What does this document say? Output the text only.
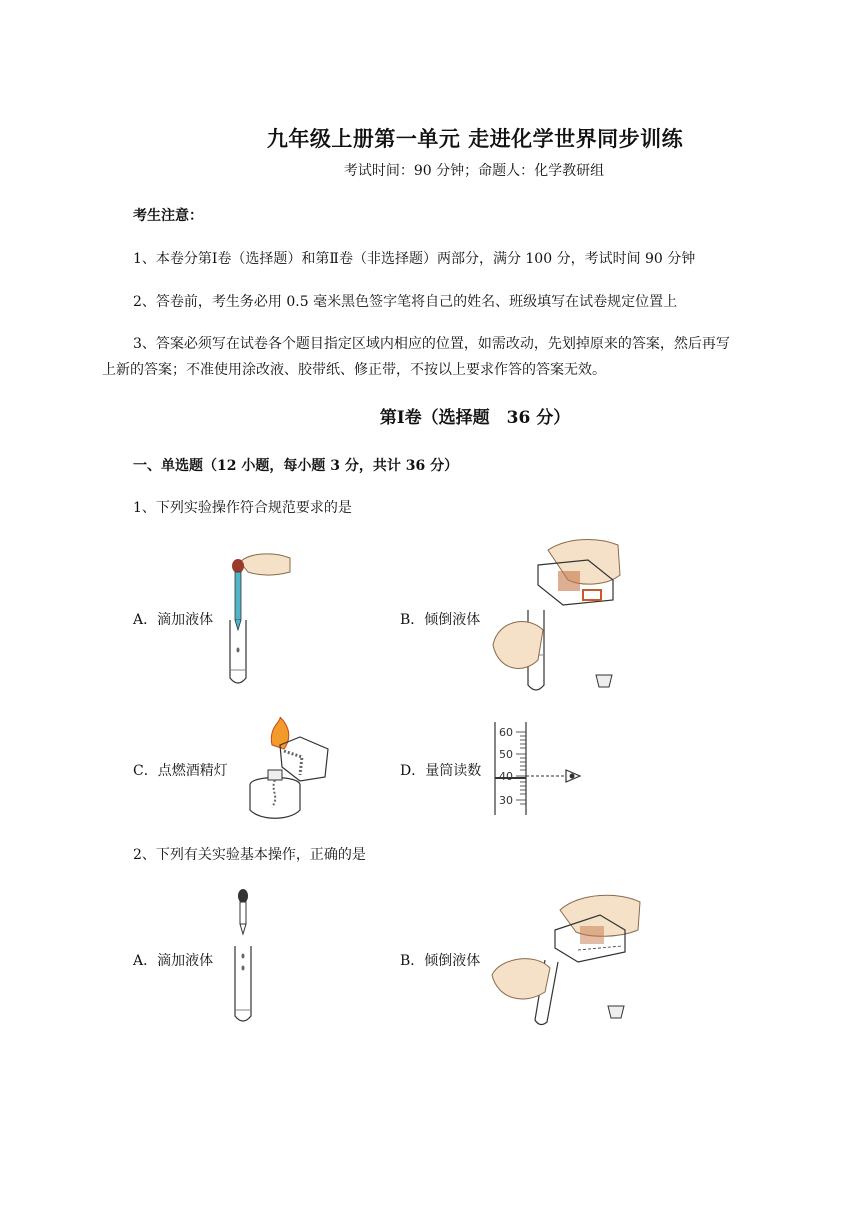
九年级上册第一单元 走进化学世界同步训练
考试时间：90 分钟；命题人：化学教研组
考生注意：
1、本卷分第Ⅰ卷（选择题）和第Ⅱ卷（非选择题）两部分，满分 100 分，考试时间 90 分钟
2、答卷前，考生务必用 0.5 毫米黑色签字笔将自己的姓名、班级填写在试卷规定位置上
3、答案必须写在试卷各个题目指定区域内相应的位置，如需改动，先划掉原来的答案，然后再写
上新的答案；不准使用涂改液、胶带纸、修正带，不按以上要求作答的答案无效。
第Ⅰ卷（选择题　36 分）
一、单选题（12 小题，每小题 3 分，共计 36 分）
1、下列实验操作符合规范要求的是
A．滴加液体	B．倾倒液体
C．点燃酒精灯	D．量筒读数
60
50
40
30
2、下列有关实验基本操作，正确的是
A．滴加液体	B．倾倒液体
